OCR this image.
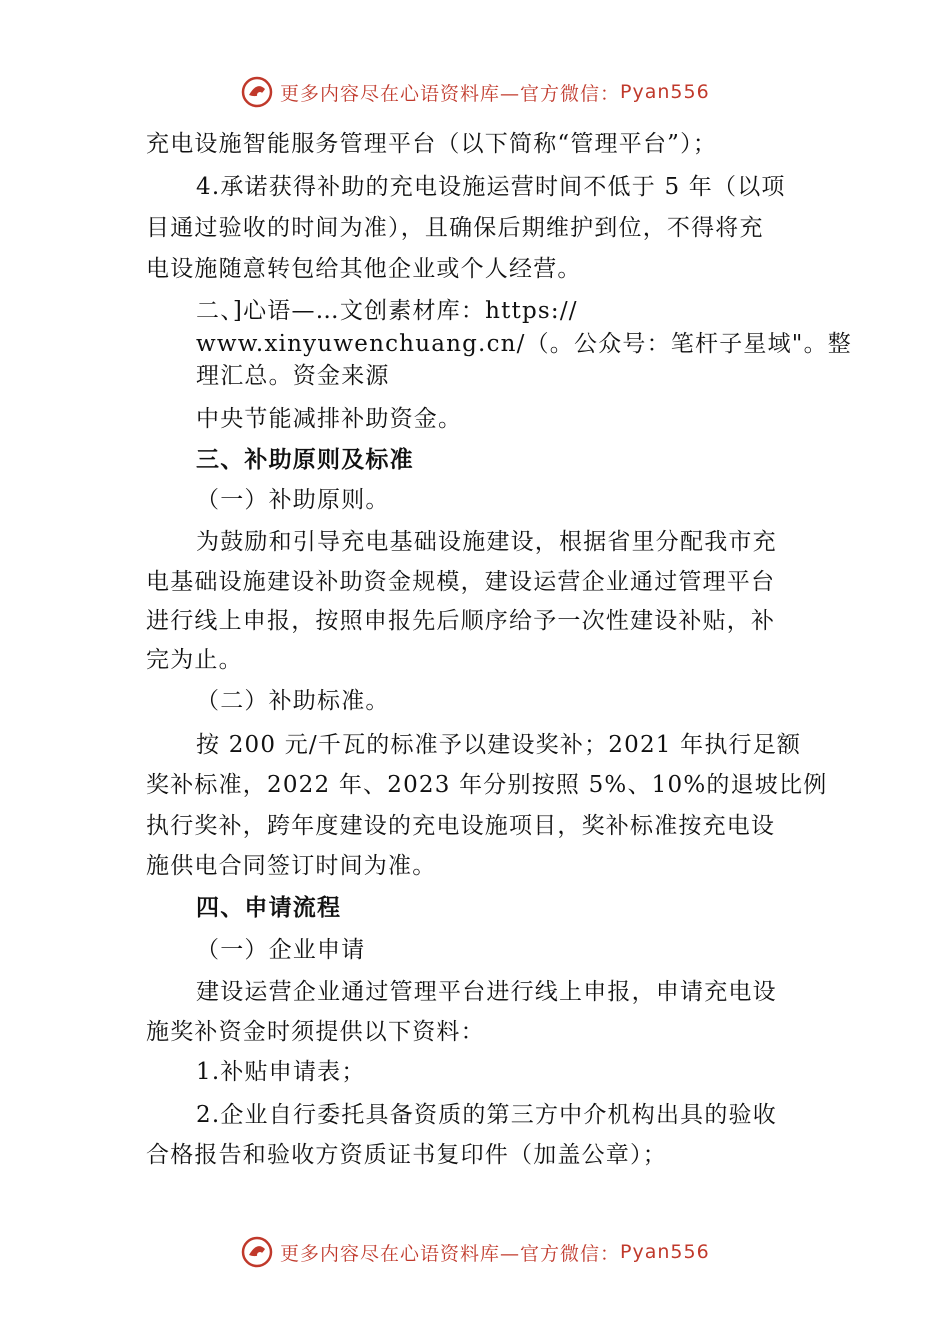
更多内容尽在心语资料库—官方微信： Pyan556
充电设施智能服务管理平台（以下简称“管理平台”）；
4.承诺获得补助的充电设施运营时间不低于 5 年（以项
目通过验收的时间为准），且确保后期维护到位，不得将充
电设施随意转包给其他企业或个人经营。
二、]心语—…文创素材库：https://
www.xinyuwenchuang.cn/（。公众号：笔杆子星域"。整
理汇总。资金来源
中央节能减排补助资金。
三、补助原则及标准
（一）补助原则。
为鼓励和引导充电基础设施建设，根据省里分配我市充
电基础设施建设补助资金规模，建设运营企业通过管理平台
进行线上申报，按照申报先后顺序给予一次性建设补贴，补
完为止。
（二）补助标准。
按 200 元/千瓦的标准予以建设奖补；2021 年执行足额
奖补标准，2022 年、2023 年分别按照 5%、10%的退坡比例
执行奖补，跨年度建设的充电设施项目，奖补标准按充电设
施供电合同签订时间为准。
四、申请流程
（一）企业申请
建设运营企业通过管理平台进行线上申报，申请充电设
施奖补资金时须提供以下资料：
1.补贴申请表；
2.企业自行委托具备资质的第三方中介机构出具的验收
合格报告和验收方资质证书复印件（加盖公章）；
更多内容尽在心语资料库—官方微信： Pyan556
